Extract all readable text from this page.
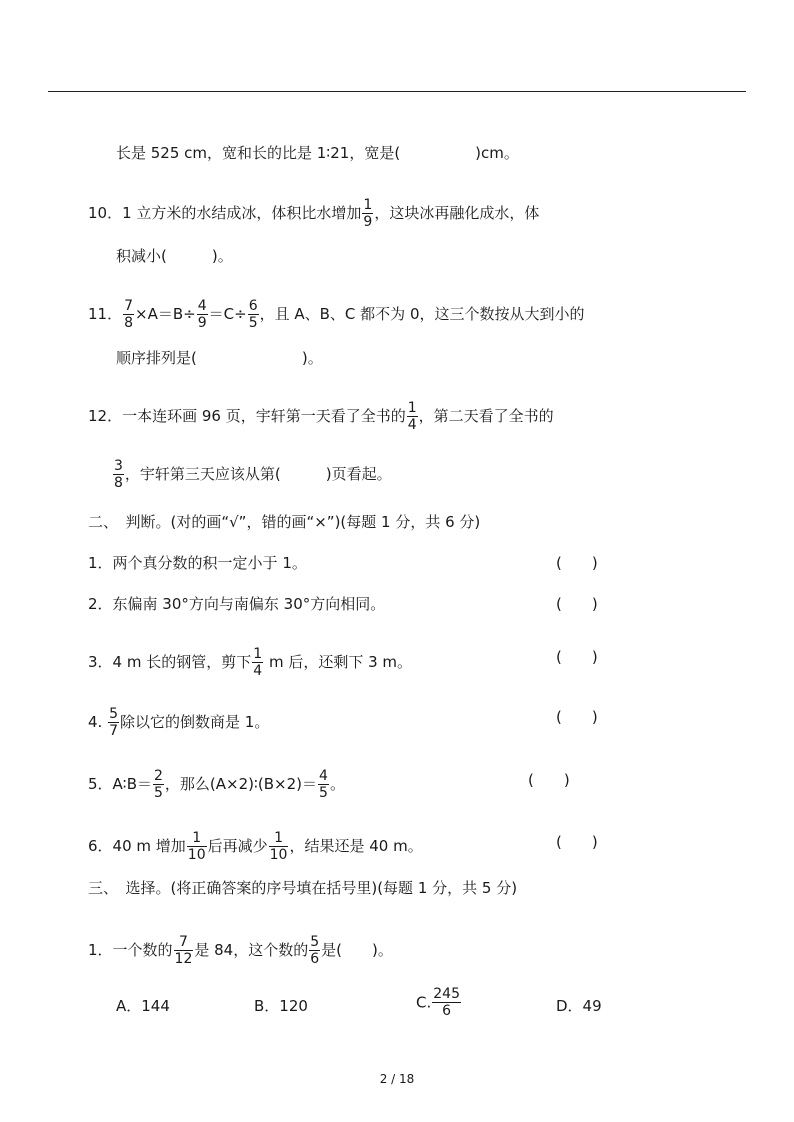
长是 525 cm，宽和长的比是 1∶21，宽是(　　　　　)cm。
10．1 立方米的水结成冰，体积比水增加 $\frac{1}{9}$ ，这块冰再融化成水，体
积减小(　　　)。
11． $\frac{7}{8} \times A=B\div \frac{4}{9} =C\div \frac{6}{5}$ ，且 A、B、C 都不为 0，这三个数按从大到小的
顺序排列是(　　　　　　　)。
12．一本连环画 96 页，宇轩第一天看了全书的 $\frac{1}{4}$ ，第二天看了全书的
$\frac{3}{8}$ ，宇轩第三天应该从第(　　　)页看起。
二、　判断。(对的画“√”，错的画“×”)(每题 1 分，共 6 分)
1．两个真分数的积一定小于 1。	(　　)
2．东偏南 30°方向与南偏东 30°方向相同。	(　　)
3．4 m 长的钢管，剪下 $\frac{1}{4}$ m 后，还剩下 3 m。	(　　)
4. $\frac{5}{7}$ 除以它的倒数商是 1。	(　　)
5．A∶B＝ $\frac{2}{5}$ ，那么(A×2)∶(B×2)＝ $\frac{4}{5}$ 。	(　　)
6．40 m 增加 $\frac{1}{10}$ 后再减少 $\frac{1}{10}$ ，结果还是 40 m。	(　　)
三、　选择。(将正确答案的序号填在括号里)(每题 1 分，共 5 分)
1．一个数的 $\frac{7}{12}$ 是 84，这个数的 $\frac{5}{6}$ 是(　　)。
A．144	B．120	C. $\frac{245}{6}$	D．49
2 / 18
